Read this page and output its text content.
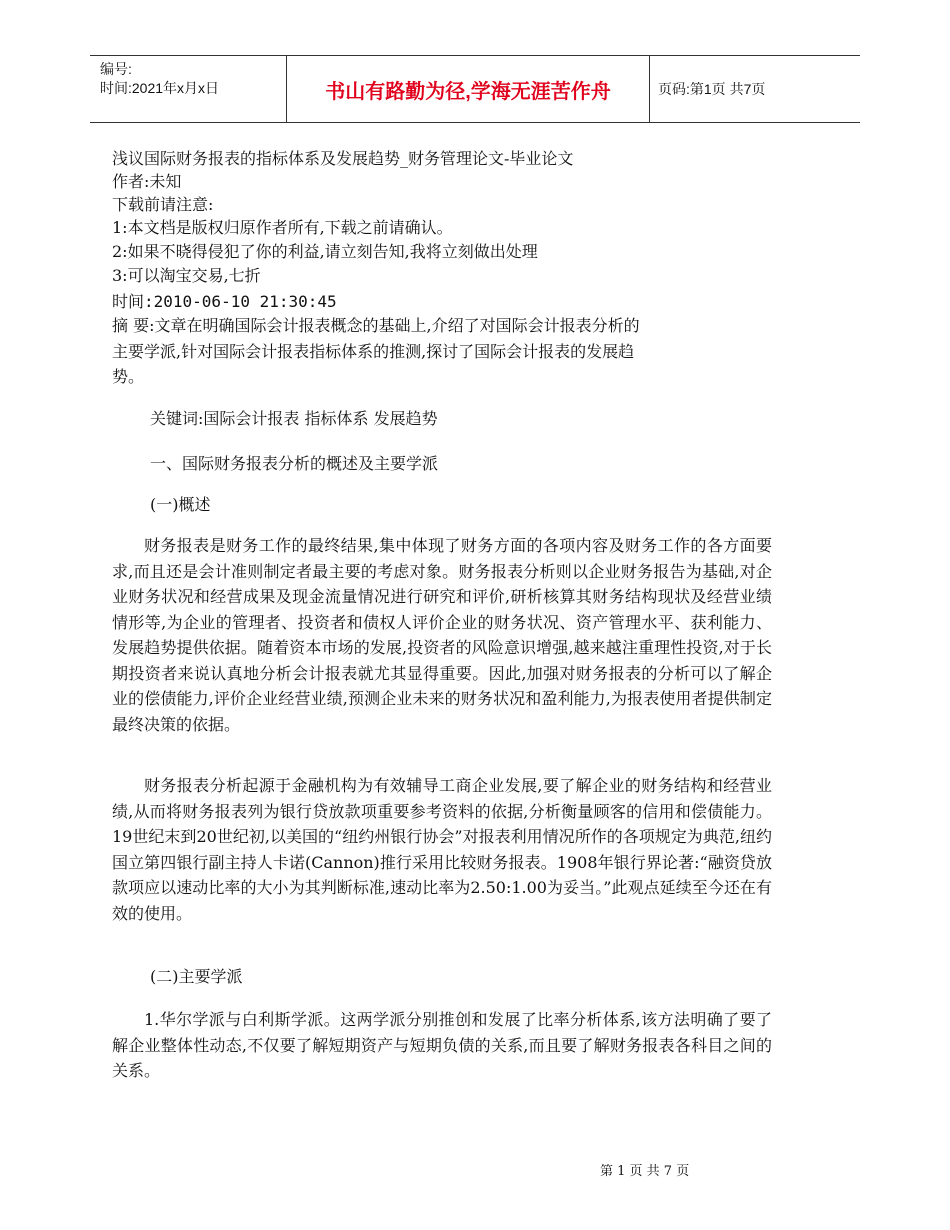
编号:
时间:2021年x月x日	书山有路勤为径,学海无涯苦作舟	页码:第1页 共7页
浅议国际财务报表的指标体系及发展趋势_财务管理论文-毕业论文
作者:未知
下载前请注意:
1:本文档是版权归原作者所有,下载之前请确认。
2:如果不晓得侵犯了你的利益,请立刻告知,我将立刻做出处理
3:可以淘宝交易,七折
时间:2010-06-10 21:30:45
摘 要:文章在明确国际会计报表概念的基础上,介绍了对国际会计报表分析的
主要学派,针对国际会计报表指标体系的推测,探讨了国际会计报表的发展趋
势。
关键词:国际会计报表 指标体系 发展趋势
一、国际财务报表分析的概述及主要学派
(一)概述

财务报表是财务工作的最终结果,集中体现了财务方面的各项内容及财务工作的各方面要求,而且还是会计准则制定者最主要的考虑对象。财务报表分析则以企业财务报告为基础,对企业财务状况和经营成果及现金流量情况进行研究和评价,研析核算其财务结构现状及经营业绩情形等,为企业的管理者、投资者和债权人评价企业的财务状况、资产管理水平、获利能力、发展趋势提供依据。随着资本市场的发展,投资者的风险意识增强,越来越注重理性投资,对于长期投资者来说认真地分析会计报表就尤其显得重要。因此,加强对财务报表的分析可以了解企业的偿债能力,评价企业经营业绩,预测企业未来的财务状况和盈利能力,为报表使用者提供制定最终决策的依据。

财务报表分析起源于金融机构为有效辅导工商企业发展,要了解企业的财务结构和经营业绩,从而将财务报表列为银行贷放款项重要参考资料的依据,分析衡量顾客的信用和偿债能力。19世纪末到20世纪初,以美国的“纽约州银行协会”对报表利用情况所作的各项规定为典范,纽约国立第四银行副主持人卡诺(Cannon)推行采用比较财务报表。1908年银行界论著:“融资贷放款项应以速动比率的大小为其判断标准,速动比率为2.50:1.00为妥当。”此观点延续至今还在有效的使用。

(二)主要学派

1.华尔学派与白利斯学派。这两学派分别推创和发展了比率分析体系,该方法明确了要了解企业整体性动态,不仅要了解短期资产与短期负债的关系,而且要了解财务报表各科目之间的关系。

第 1 页 共 7 页
